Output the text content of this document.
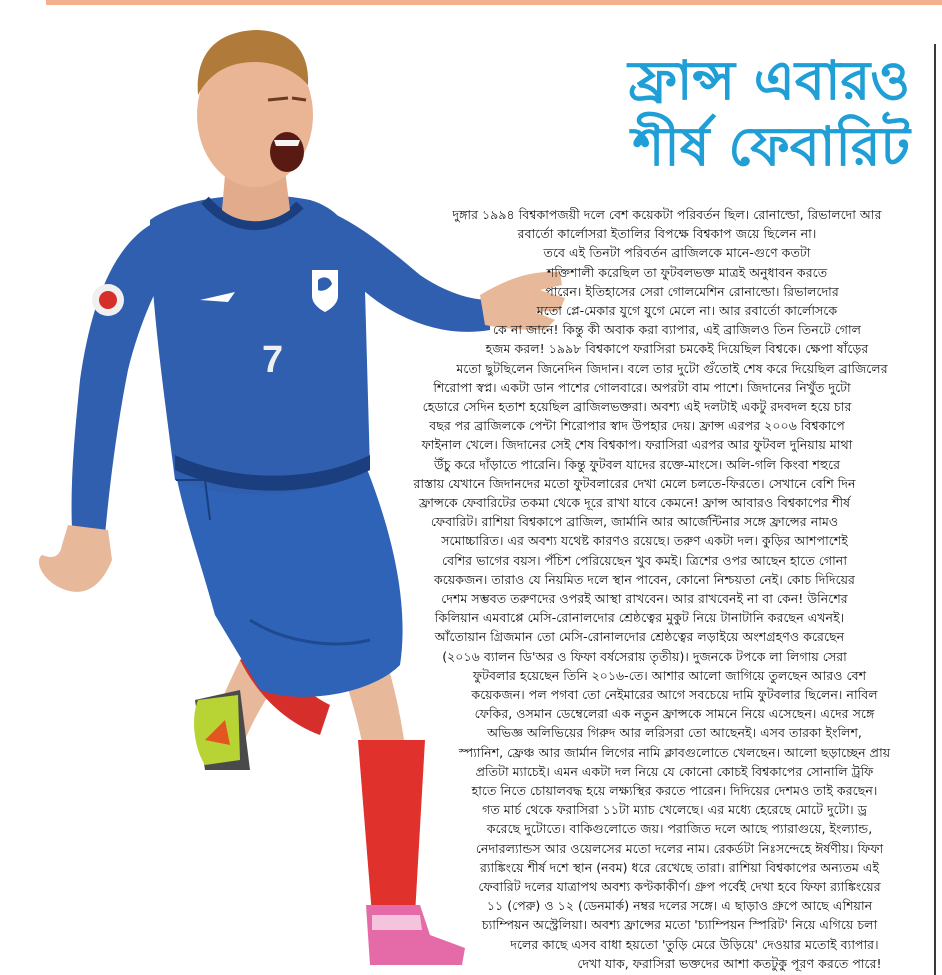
7
ফ্রান্স এবারও
শীর্ষ ফেবারিট
দুঙ্গার ১৯৯৪ বিশ্বকাপজয়ী দলে বেশ কয়েকটা পরিবর্তন ছিল। রোনাল্ডো, রিভালদো আর
রবার্তো কার্লোসরা ইতালির বিপক্ষে বিশ্বকাপ জয়ে ছিলেন না।
তবে এই তিনটা পরিবর্তন ব্রাজিলকে মানে-গুণে কতটা
শক্তিশালী করেছিল তা ফুটবলভক্ত মাত্রই অনুধাবন করতে
পারেন। ইতিহাসের সেরা গোলমেশিন রোনাল্ডো। রিভালদোর
মতো প্লে-মেকার যুগে যুগে মেলে না। আর রবার্তো কার্লোসকে
কে না জানে! কিন্তু কী অবাক করা ব্যাপার, এই ব্রাজিলও তিন তিনটে গোল
হজম করল! ১৯৯৮ বিশ্বকাপে ফরাসিরা চমকেই দিয়েছিল বিশ্বকে। ক্ষেপা ষাঁড়ের
মতো ছুটছিলেন জিনেদিন জিদান। বলে তার দুটো গুঁতোই শেষ করে দিয়েছিল ব্রাজিলের
শিরোপা স্বপ্ন। একটা ডান পাশের গোলবারে। অপরটা বাম পাশে। জিদানের নিখুঁত দুটো
হেডারে সেদিন হতাশ হয়েছিল ব্রাজিলভক্তরা। অবশ্য এই দলটাই একটু রদবদল হয়ে চার
বছর পর ব্রাজিলকে পেন্টা শিরোপার স্বাদ উপহার দেয়। ফ্রান্স এরপর ২০০৬ বিশ্বকাপে
ফাইনাল খেলে। জিদানের সেই শেষ বিশ্বকাপ। ফরাসিরা এরপর আর ফুটবল দুনিয়ায় মাথা
উঁচু করে দাঁড়াতে পারেনি। কিন্তু ফুটবল যাদের রক্তে-মাংসে। অলি-গলি কিংবা শহুরে
রাস্তায় যেখানে জিদানদের মতো ফুটবলারের দেখা মেলে চলতে-ফিরতে। সেখানে বেশি দিন
ফ্রান্সকে ফেবারিটের তকমা থেকে দূরে রাখা যাবে কেমনে! ফ্রান্স আবারও বিশ্বকাপের শীর্ষ
ফেবারিট। রাশিয়া বিশ্বকাপে ব্রাজিল, জার্মানি আর আর্জেন্টিনার সঙ্গে ফ্রান্সের নামও
সমোচ্চারিত। এর অবশ্য যথেষ্ট কারণও রয়েছে। তরুণ একটা দল। কুড়ির আশপাশেই
বেশির ভাগের বয়স। পঁচিশ পেরিয়েছেন খুব কমই। ত্রিশের ওপর আছেন হাতে গোনা
কয়েকজন। তারাও যে নিয়মিত দলে স্থান পাবেন, কোনো নিশ্চয়তা নেই। কোচ দিদিয়ের
দেশম সম্ভবত তরুণদের ওপরই আস্থা রাখবেন। আর রাখবেনই না বা কেন! উনিশের
কিলিয়ান এমবাপ্পে মেসি-রোনালদোর শ্রেষ্ঠত্বের মুকুট নিয়ে টানাটানি করছেন এখনই।
আঁতোয়ান গ্রিজমান তো মেসি-রোনালদোর শ্রেষ্ঠত্বের লড়াইয়ে অংশগ্রহণও করেছেন
(২০১৬ ব্যালন ডি'অর ও ফিফা বর্ষসেরায় তৃতীয়)। দুজনকে টপকে লা লিগায় সেরা
ফুটবলার হয়েছেন তিনি ২০১৬-তে। আশার আলো জাগিয়ে তুলছেন আরও বেশ
কয়েকজন। পল পগবা তো নেইমারের আগে সবচেয়ে দামি ফুটবলার ছিলেন। নাবিল
ফেকির, ওসমান ডেম্বেলেরা এক নতুন ফ্রান্সকে সামনে নিয়ে এসেছেন। এদের সঙ্গে
অভিজ্ঞ অলিভিয়ের গিরুদ আর লরিসরা তো আছেনই। এসব তারকা ইংলিশ,
স্প্যানিশ, ফ্রেঞ্চ আর জার্মান লিগের নামি ক্লাবগুলোতে খেলছেন। আলো ছড়াচ্ছেন প্রায়
প্রতিটা ম্যাচেই। এমন একটা দল নিয়ে যে কোনো কোচই বিশ্বকাপের সোনালি ট্রফি
হাতে নিতে চোয়ালবদ্ধ হয়ে লক্ষ্যস্থির করতে পারেন। দিদিয়ের দেশমও তাই করছেন।
গত মার্চ থেকে ফরাসিরা ১১টা ম্যাচ খেলেছে। এর মধ্যে হেরেছে মোটে দুটো। ড্র
করেছে দুটোতে। বাকিগুলোতে জয়। পরাজিত দলে আছে প্যারাগুয়ে, ইংল্যান্ড,
নেদারল্যান্ডস আর ওয়েলসের মতো দলের নাম। রেকর্ডটা নিঃসন্দেহে ঈর্ষণীয়। ফিফা
র‍্যাঙ্কিংয়ে শীর্ষ দশে স্থান (নবম) ধরে রেখেছে তারা। রাশিয়া বিশ্বকাপের অন্যতম এই
ফেবারিট দলের যাত্রাপথ অবশ্য কণ্টকাকীর্ণ। গ্রুপ পর্বেই দেখা হবে ফিফা র‍্যাঙ্কিংয়ের
১১ (পেরু) ও ১২ (ডেনমার্ক) নম্বর দলের সঙ্গে। এ ছাড়াও গ্রুপে আছে এশিয়ান
চ্যাম্পিয়ন অস্ট্রেলিয়া। অবশ্য ফ্রান্সের মতো 'চ্যাম্পিয়ন স্পিরিট' নিয়ে এগিয়ে চলা
দলের কাছে এসব বাধা হয়তো 'তুড়ি মেরে উড়িয়ে' দেওয়ার মতোই ব্যাপার।
দেখা যাক, ফরাসিরা ভক্তদের আশা কতটুকু পূরণ করতে পারে!
